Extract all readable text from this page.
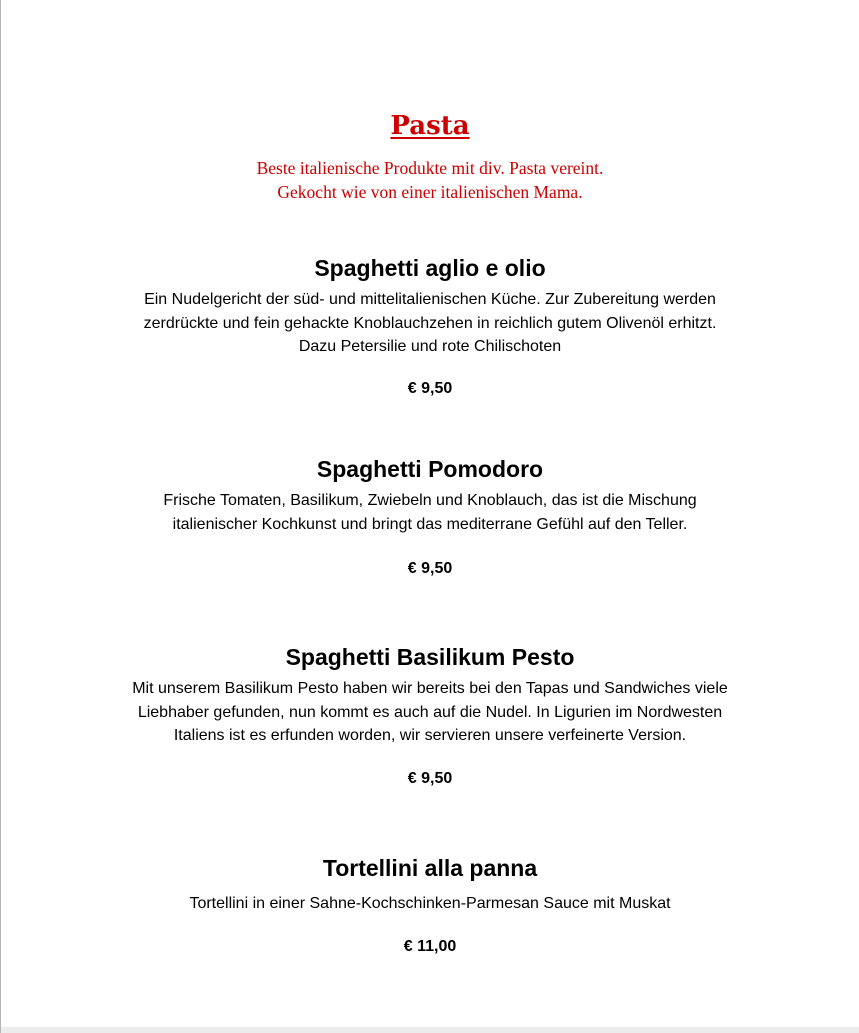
Pasta
Beste italienische Produkte mit div. Pasta vereint.
Gekocht wie von einer italienischen Mama.
Spaghetti aglio e olio
Ein Nudelgericht der süd- und mittelitalienischen Küche. Zur Zubereitung werden
zerdrückte und fein gehackte Knoblauchzehen in reichlich gutem Olivenöl erhitzt.
Dazu Petersilie und rote Chilischoten
€ 9,50
Spaghetti Pomodoro
Frische Tomaten, Basilikum, Zwiebeln und Knoblauch, das ist die Mischung
italienischer Kochkunst und bringt das mediterrane Gefühl auf den Teller.
€ 9,50
Spaghetti Basilikum Pesto
Mit unserem Basilikum Pesto haben wir bereits bei den Tapas und Sandwiches viele
Liebhaber gefunden, nun kommt es auch auf die Nudel. In Ligurien im Nordwesten
Italiens ist es erfunden worden, wir servieren unsere verfeinerte Version.
€ 9,50
Tortellini alla panna
Tortellini in einer Sahne-Kochschinken-Parmesan Sauce mit Muskat
€ 11,00
